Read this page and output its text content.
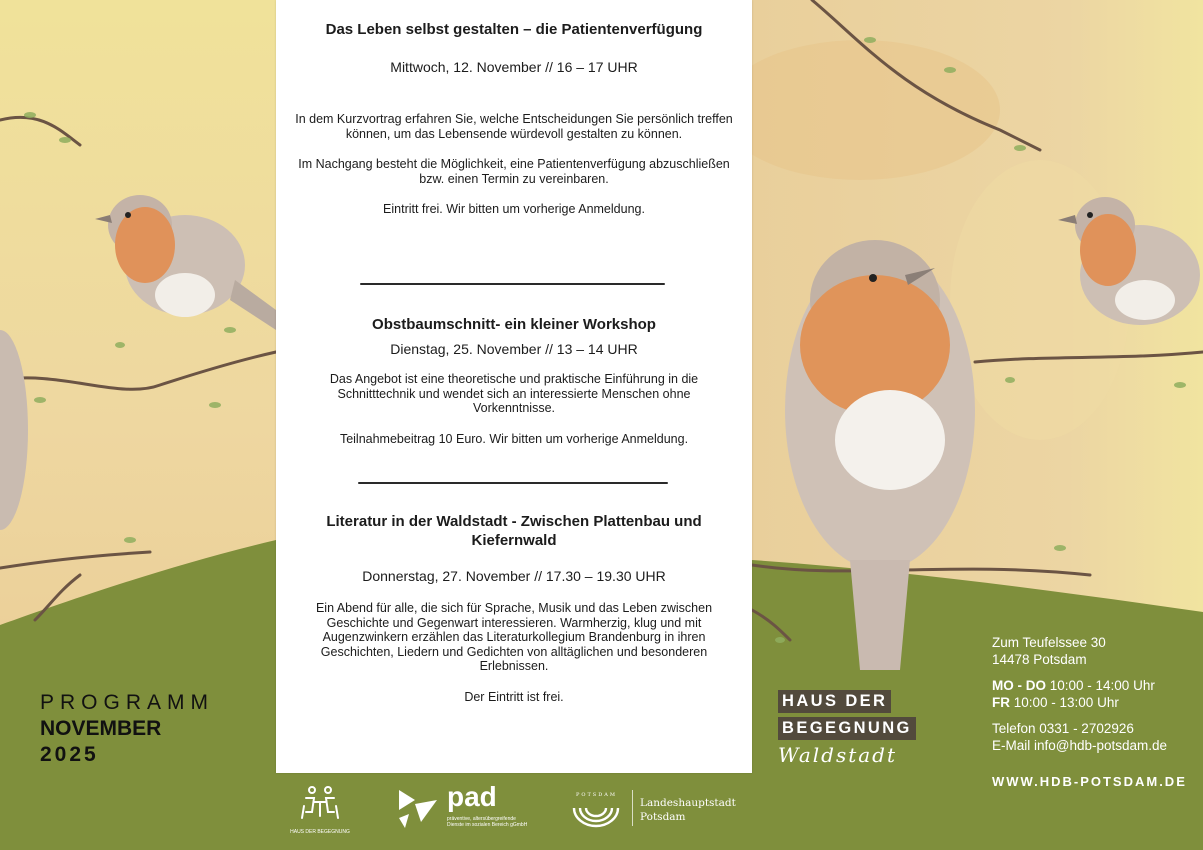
Das Leben selbst gestalten – die Patientenverfügung
Mittwoch, 12. November // 16 – 17 UHR

In dem Kurzvortrag erfahren Sie, welche Entscheidungen Sie persönlich treffen können, um das Lebensende würdevoll gestalten zu können.

Im Nachgang besteht die Möglichkeit, eine Patientenverfügung abzuschließen bzw. einen Termin zu vereinbaren.

Eintritt frei. Wir bitten um vorherige Anmeldung.

Obstbaumschnitt- ein kleiner Workshop
Dienstag, 25. November // 13 – 14 UHR

Das Angebot ist eine theoretische und praktische Einführung in die Schnitttechnik und wendet sich an interessierte Menschen ohne Vorkenntnisse.

Teilnahmebeitrag 10 Euro. Wir bitten um vorherige Anmeldung.

Literatur in der Waldstadt - Zwischen Plattenbau und Kiefernwald
Donnerstag, 27. November // 17.30 – 19.30 UHR

Ein Abend für alle, die sich für Sprache, Musik und das Leben zwischen Geschichte und Gegenwart interessieren. Warmherzig, klug und mit Augenzwinkern erzählen das Literaturkollegium Brandenburg in ihren Geschichten, Liedern und Gedichten von alltäglichen und besonderen Erlebnissen.

Der Eintritt ist frei.

PROGRAMM
NOVEMBER
2025
HAUS DER
BEGEGNUNG
Waldstadt
Zum Teufelssee 30
14478 Potsdam
MO - DO 10:00 - 14:00 Uhr
FR 10:00 - 13:00 Uhr
Telefon 0331 - 2702926
E-Mail info@hdb-potsdam.de
WWW.HDB-POTSDAM.DE
HAUS DER BEGEGNUNG
pad
präventive, altersübergreifende
Dienste im sozialen Bereich gGmbH
POTSDAM
Landeshauptstadt
Potsdam
